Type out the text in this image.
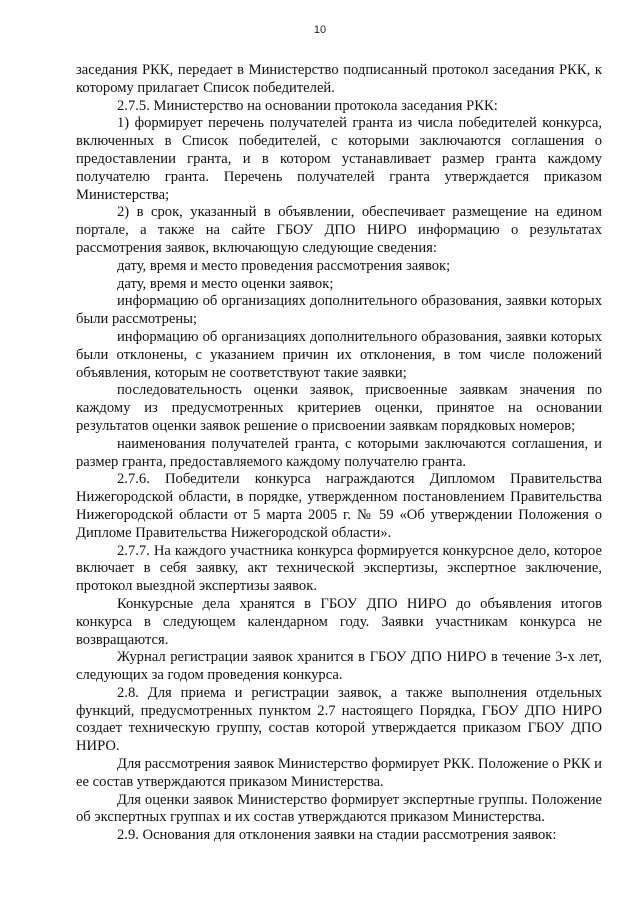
10

заседания РКК, передает в Министерство подписанный протокол заседания РКК, к которому прилагает Список победителей.

2.7.5. Министерство на основании протокола заседания РКК:

1) формирует перечень получателей гранта из числа победителей конкурса, включенных в Список победителей, с которыми заключаются соглашения о предоставлении гранта, и в котором устанавливает размер гранта каждому получателю гранта. Перечень получателей гранта утверждается приказом Министерства;

2) в срок, указанный в объявлении, обеспечивает размещение на едином портале, а также на сайте ГБОУ ДПО НИРО информацию о результатах рассмотрения заявок, включающую следующие сведения:

дату, время и место проведения рассмотрения заявок;

дату, время и место оценки заявок;

информацию об организациях дополнительного образования, заявки которых были рассмотрены;

информацию об организациях дополнительного образования, заявки которых были отклонены, с указанием причин их отклонения, в том числе положений объявления, которым не соответствуют такие заявки;

последовательность оценки заявок, присвоенные заявкам значения по каждому из предусмотренных критериев оценки, принятое на основании результатов оценки заявок решение о присвоении заявкам порядковых номеров;

наименования получателей гранта, с которыми заключаются соглашения, и размер гранта, предоставляемого каждому получателю гранта.

2.7.6. Победители конкурса награждаются Дипломом Правительства Нижегородской области, в порядке, утвержденном постановлением Правительства Нижегородской области от 5 марта 2005 г. № 59 «Об утверждении Положения о Дипломе Правительства Нижегородской области».

2.7.7. На каждого участника конкурса формируется конкурсное дело, которое включает в себя заявку, акт технической экспертизы, экспертное заключение, протокол выездной экспертизы заявок.

Конкурсные дела хранятся в ГБОУ ДПО НИРО до объявления итогов конкурса в следующем календарном году. Заявки участникам конкурса не возвращаются.

Журнал регистрации заявок хранится в ГБОУ ДПО НИРО в течение 3-х лет, следующих за годом проведения конкурса.

2.8. Для приема и регистрации заявок, а также выполнения отдельных функций, предусмотренных пунктом 2.7 настоящего Порядка, ГБОУ ДПО НИРО создает техническую группу, состав которой утверждается приказом ГБОУ ДПО НИРО.

Для рассмотрения заявок Министерство формирует РКК. Положение о РКК и ее состав утверждаются приказом Министерства.

Для оценки заявок Министерство формирует экспертные группы. Положение об экспертных группах и их состав утверждаются приказом Министерства.

2.9. Основания для отклонения заявки на стадии рассмотрения заявок:
